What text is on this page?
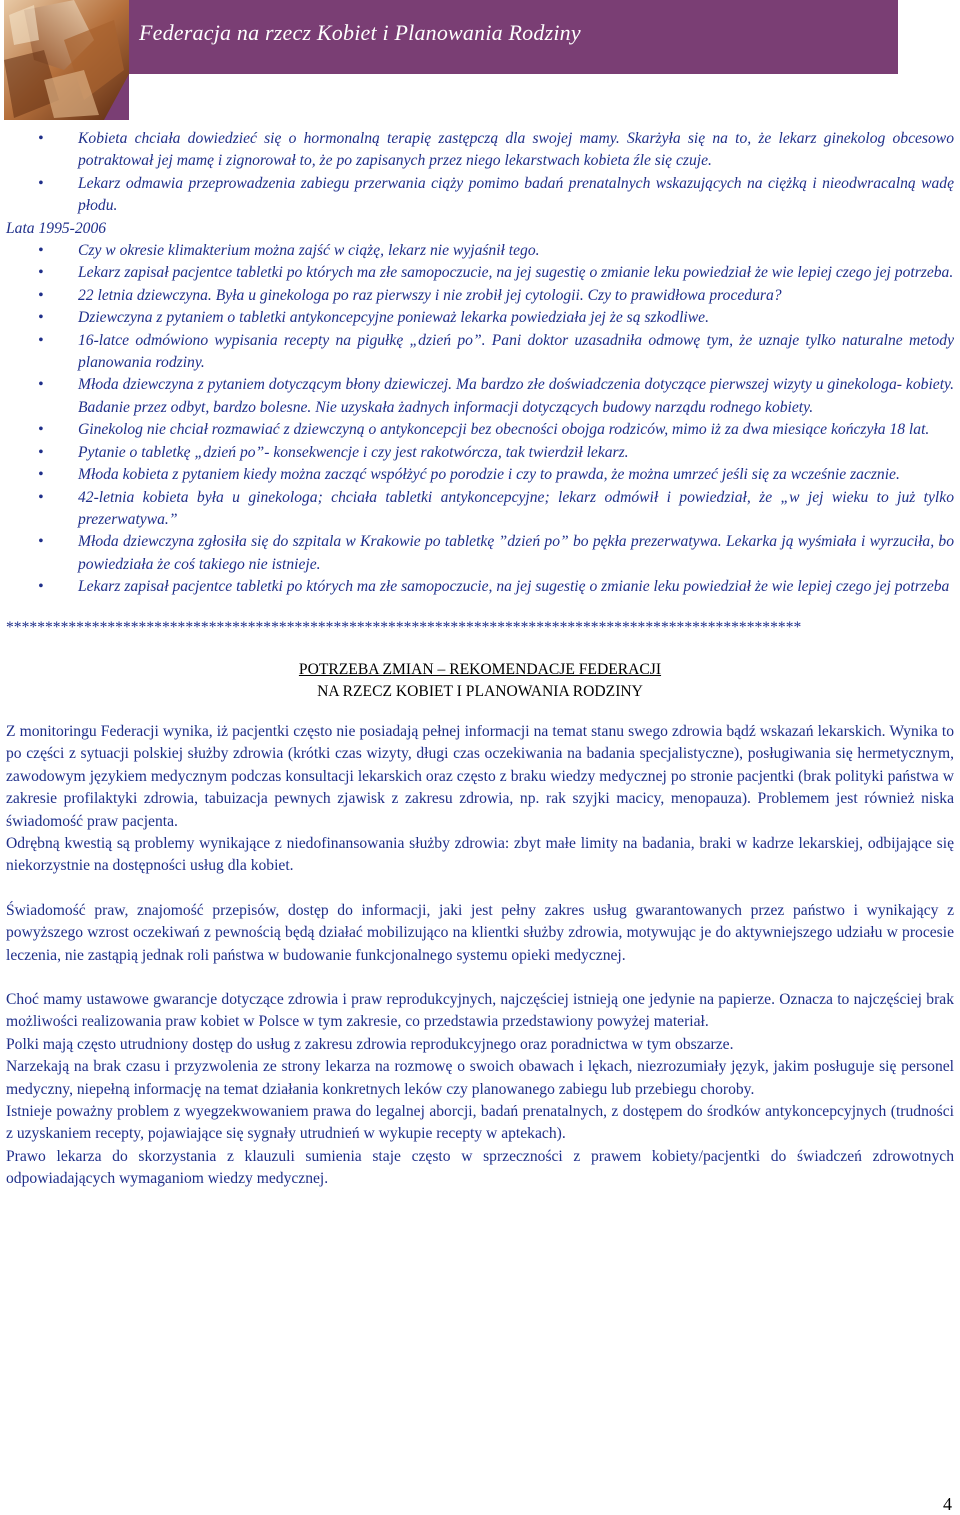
Federacja na rzecz Kobiet i Planowania Rodziny
• Kobieta chciała dowiedzieć się o hormonalną terapię zastępczą dla swojej mamy. Skarżyła się na to, że lekarz ginekolog obcesowo potraktował jej mamę i zignorował to, że po zapisanych przez niego lekarstwach kobieta źle się czuje.
• Lekarz odmawia przeprowadzenia zabiegu przerwania ciąży pomimo badań prenatalnych wskazujących na ciężką i nieodwracalną wadę płodu.
Lata 1995-2006
• Czy w okresie klimakterium można zajść w ciążę, lekarz nie wyjaśnił tego.
• Lekarz zapisał pacjentce tabletki po których ma złe samopoczucie, na jej sugestię o zmianie leku powiedział że wie lepiej czego jej potrzeba.
• 22 letnia dziewczyna. Była u ginekologa po raz pierwszy i nie zrobił jej cytologii. Czy to prawidłowa procedura?
• Dziewczyna z pytaniem o tabletki antykoncepcyjne ponieważ lekarka powiedziała jej że są szkodliwe.
• 16-latce odmówiono wypisania recepty na pigułkę „dzień po”. Pani doktor uzasadniła odmowę tym, że uznaje tylko naturalne metody planowania rodziny.
• Młoda dziewczyna z pytaniem dotyczącym błony dziewiczej. Ma bardzo złe doświadczenia dotyczące pierwszej wizyty u ginekologa- kobiety. Badanie przez odbyt, bardzo bolesne. Nie uzyskała żadnych informacji dotyczących budowy narządu rodnego kobiety.
• Ginekolog nie chciał rozmawiać z dziewczyną o antykoncepcji bez obecności obojga rodziców, mimo iż za dwa miesiące kończyła 18 lat.
• Pytanie o tabletkę „dzień po”- konsekwencje i czy jest rakotwórcza, tak twierdził lekarz.
• Młoda kobieta z pytaniem kiedy można zacząć współżyć po porodzie i czy to prawda, że można umrzeć jeśli się za wcześnie zacznie.
• 42-letnia kobieta była u ginekologa; chciała tabletki antykoncepcyjne; lekarz odmówił i powiedział, że „w jej wieku to już tylko prezerwatywa.”
• Młoda dziewczyna zgłosiła się do szpitala w Krakowie po tabletkę ”dzień po” bo pękła prezerwatywa. Lekarka ją wyśmiała i wyrzuciła, bo powiedziała że coś takiego nie istnieje.
• Lekarz zapisał pacjentce tabletki po których ma złe samopoczucie, na jej sugestię o zmianie leku powiedział że wie lepiej czego jej potrzeba
******************************************************************************************************
POTRZEBA ZMIAN – REKOMENDACJE FEDERACJI
NA RZECZ KOBIET I PLANOWANIA RODZINY

Z monitoringu Federacji wynika, iż pacjentki często nie posiadają pełnej informacji na temat stanu swego zdrowia bądź wskazań lekarskich. Wynika to po części z sytuacji polskiej służby zdrowia (krótki czas wizyty, długi czas oczekiwania na badania specjalistyczne), posługiwania się hermetycznym, zawodowym językiem medycznym podczas konsultacji lekarskich oraz często z braku wiedzy medycznej po stronie pacjentki (brak polityki państwa w zakresie profilaktyki zdrowia, tabuizacja pewnych zjawisk z zakresu zdrowia, np. rak szyjki macicy, menopauza). Problemem jest również niska świadomość praw pacjenta.

Odrębną kwestią są problemy wynikające z niedofinansowania służby zdrowia: zbyt małe limity na badania, braki w kadrze lekarskiej, odbijające się niekorzystnie na dostępności usług dla kobiet.

Świadomość praw, znajomość przepisów, dostęp do informacji, jaki jest pełny zakres usług gwarantowanych przez państwo i wynikający z powyższego wzrost oczekiwań z pewnością będą działać mobilizująco na klientki służby zdrowia, motywując je do aktywniejszego udziału w procesie leczenia, nie zastąpią jednak roli państwa w budowanie funkcjonalnego systemu opieki medycznej.

Choć mamy ustawowe gwarancje dotyczące zdrowia i praw reprodukcyjnych, najczęściej istnieją one jedynie na papierze. Oznacza to najczęściej brak możliwości realizowania praw kobiet w Polsce w tym zakresie, co przedstawia przedstawiony powyżej materiał.

Polki mają często utrudniony dostęp do usług z zakresu zdrowia reprodukcyjnego oraz poradnictwa w tym obszarze.

Narzekają na brak czasu i przyzwolenia ze strony lekarza na rozmowę o swoich obawach i lękach, niezrozumiały język, jakim posługuje się personel medyczny, niepełną informację na temat działania konkretnych leków czy planowanego zabiegu lub przebiegu choroby.

Istnieje poważny problem z wyegzekwowaniem prawa do legalnej aborcji, badań prenatalnych, z dostępem do środków antykoncepcyjnych (trudności z uzyskaniem recepty, pojawiające się sygnały utrudnień w wykupie recepty w aptekach).

Prawo lekarza do skorzystania z klauzuli sumienia staje często w sprzeczności z prawem kobiety/pacjentki do świadczeń zdrowotnych odpowiadających wymaganiom wiedzy medycznej.

4
